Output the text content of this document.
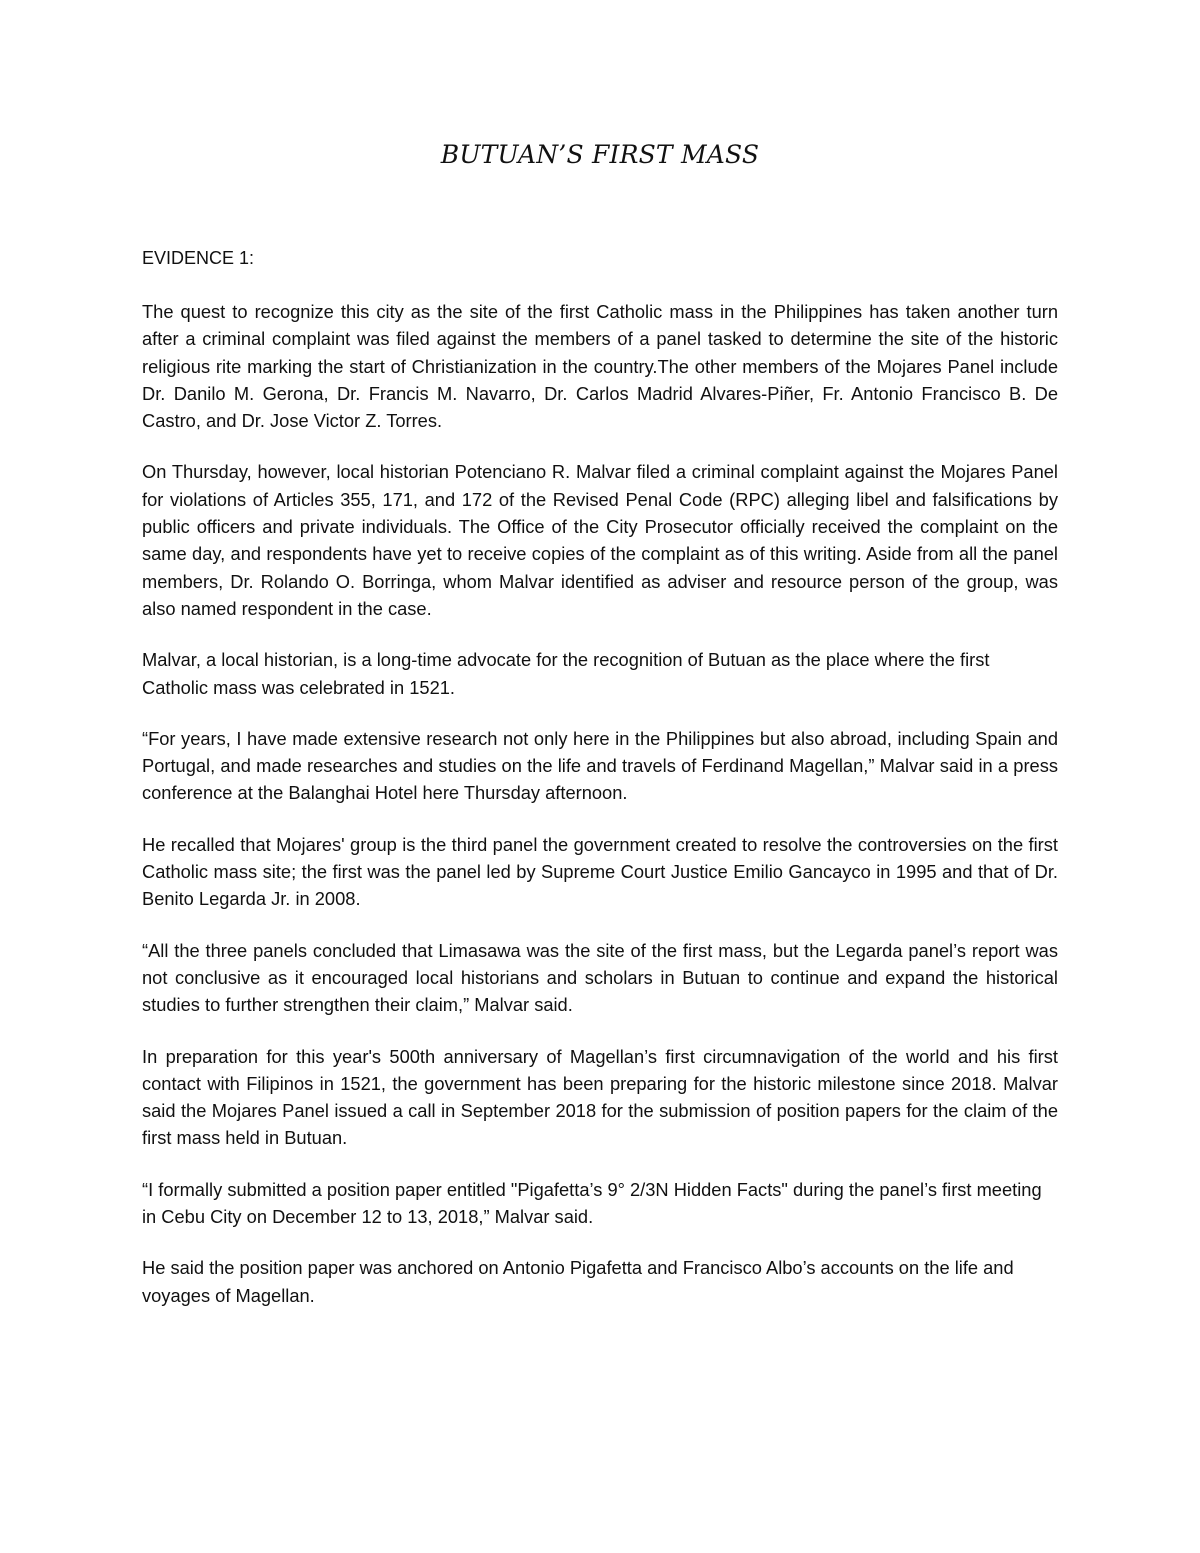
BUTUAN’S FIRST MASS
EVIDENCE 1:

The quest to recognize this city as the site of the first Catholic mass in the Philippines has taken another turn after a criminal complaint was filed against the members of a panel tasked to determine the site of the historic religious rite marking the start of Christianization in the country.The other members of the Mojares Panel include Dr. Danilo M. Gerona, Dr. Francis M. Navarro, Dr. Carlos Madrid Alvares-Piñer, Fr. Antonio Francisco B. De Castro, and Dr. Jose Victor Z. Torres.

On Thursday, however, local historian Potenciano R. Malvar filed a criminal complaint against the Mojares Panel for violations of Articles 355, 171, and 172 of the Revised Penal Code (RPC) alleging libel and falsifications by public officers and private individuals. The Office of the City Prosecutor officially received the complaint on the same day, and respondents have yet to receive copies of the complaint as of this writing. Aside from all the panel members, Dr. Rolando O. Borringa, whom Malvar identified as adviser and resource person of the group, was also named respondent in the case.

Malvar, a local historian, is a long-time advocate for the recognition of Butuan as the place where the first Catholic mass was celebrated in 1521.

“For years, I have made extensive research not only here in the Philippines but also abroad, including Spain and Portugal, and made researches and studies on the life and travels of Ferdinand Magellan,” Malvar said in a press conference at the Balanghai Hotel here Thursday afternoon.

He recalled that Mojares' group is the third panel the government created to resolve the controversies on the first Catholic mass site; the first was the panel led by Supreme Court Justice Emilio Gancayco in 1995 and that of Dr. Benito Legarda Jr. in 2008.

“All the three panels concluded that Limasawa was the site of the first mass, but the Legarda panel’s report was not conclusive as it encouraged local historians and scholars in Butuan to continue and expand the historical studies to further strengthen their claim,” Malvar said.

In preparation for this year's 500th anniversary of Magellan’s first circumnavigation of the world and his first contact with Filipinos in 1521, the government has been preparing for the historic milestone since 2018. Malvar said the Mojares Panel issued a call in September 2018 for the submission of position papers for the claim of the first mass held in Butuan.

“I formally submitted a position paper entitled "Pigafetta’s 9° 2/3N Hidden Facts" during the panel’s first meeting in Cebu City on December 12 to 13, 2018,” Malvar said.

He said the position paper was anchored on Antonio Pigafetta and Francisco Albo’s accounts on the life and voyages of Magellan.
